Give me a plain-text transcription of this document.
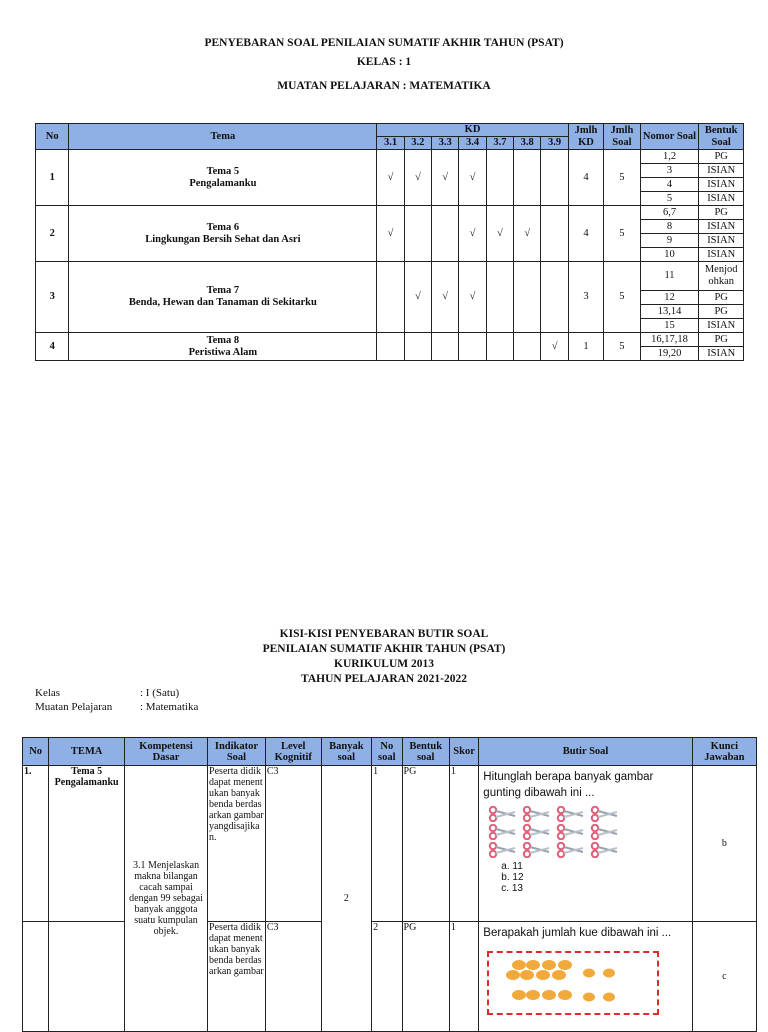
PENYEBARAN SOAL PENILAIAN SUMATIF AKHIR TAHUN (PSAT)
KELAS : 1
MUATAN PELAJARAN : MATEMATIKA
No	Tema	KD							Jmlh KD	Jmlh Soal	Nomor Soal	Bentuk Soal
		3.1	3.2	3.3	3.4	3.7	3.8	3.9				
1	Tema 5
Pengalamanku	√	√	√	√				4	5	1,2	PG
											3	ISIAN
											4	ISIAN
											5	ISIAN
2	Tema 6
Lingkungan Bersih Sehat dan Asri	√			√	√	√		4	5	6,7	PG
											8	ISIAN
											9	ISIAN
											10	ISIAN
3	Tema 7
Benda, Hewan dan Tanaman di Sekitarku		√	√	√				3	5	11	Menjodohkan
											12	PG
											13,14	PG
											15	ISIAN
4	Tema 8
Peristiwa Alam							√	1	5	16,17,18	PG
											19,20	ISIAN
KISI-KISI PENYEBARAN BUTIR SOAL
PENILAIAN SUMATIF AKHIR TAHUN (PSAT)
KURIKULUM 2013
TAHUN PELAJARAN 2021-2022
Kelas	: I (Satu)
Muatan Pelajaran	: Matematika
No	TEMA	Kompetensi Dasar	Indikator Soal	Level Kognitif	Banyak soal	No soal	Bentuk soal	Skor	Butir Soal	Kunci Jawaban
1.	Tema 5 Pengalamanku	3.1 Menjelaskan makna bilangan cacah sampai dengan 99 sebagai banyak anggota suatu kumpulan objek.	Peserta didik dapat menentukan banyak benda berdasarkan gambar yangdisajikan.	C3	2	1	PG	1	Hitunglah berapa banyak gambar gunting dibawah ini ...
a. 11
b. 12
c. 13	b
			Peserta didik dapat menentukan banyak benda berdasarkan gambar	C3		2	PG	1	Berapakah jumlah kue dibawah ini ...	c
